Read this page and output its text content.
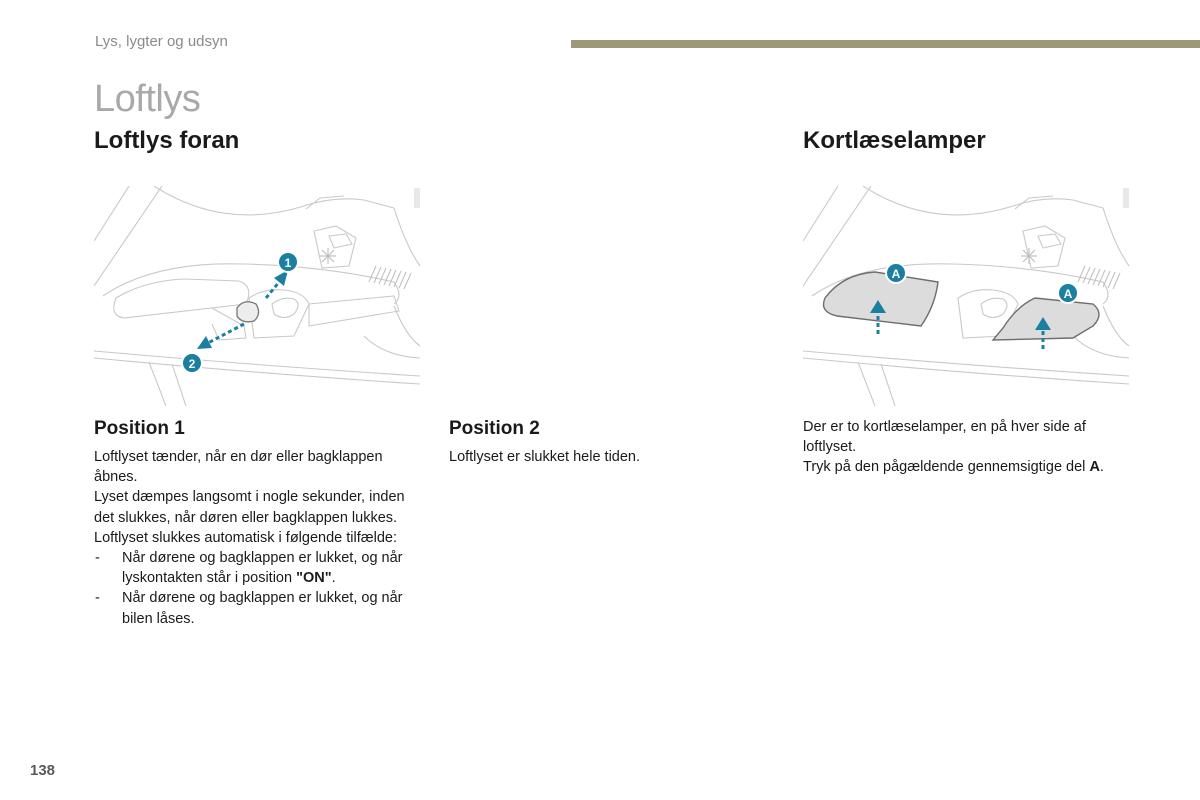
Lys, lygter og udsyn
Loftlys
Loftlys foran	Kortlæselamper
1
2
A
A
Position 1

Loftlyset tænder, når en dør eller bagklappen åbnes.

Lyset dæmpes langsomt i nogle sekunder, inden det slukkes, når døren eller bagklappen lukkes.

Loftlyset slukkes automatisk i følgende tilfælde:

- Når dørene og bagklappen er lukket, og når lyskontakten står i position "ON".
- Når dørene og bagklappen er lukket, og når bilen låses.
Position 2

Loftlyset er slukket hele tiden.

Der er to kortlæselamper, en på hver side af loftlyset.

Tryk på den pågældende gennemsigtige del A.

138
